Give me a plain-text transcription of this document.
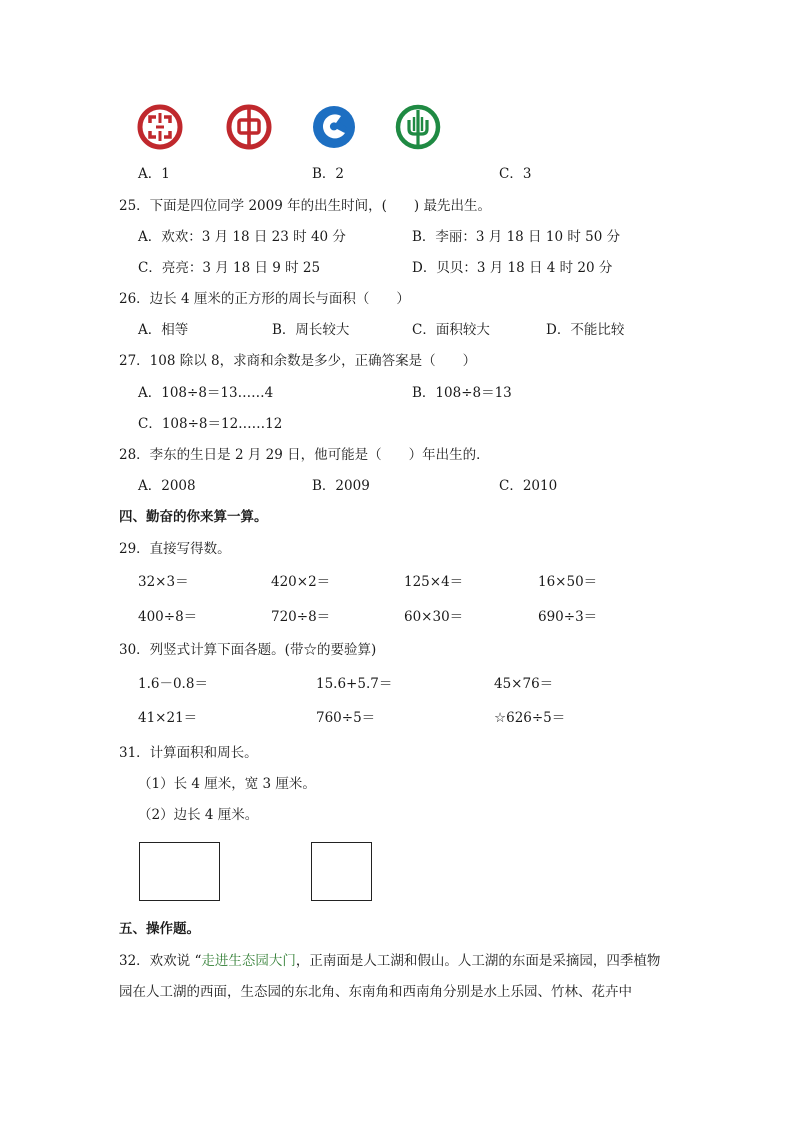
A．1	B．2	C．3
25．下面是四位同学 2009 年的出生时间，(　　) 最先出生。
A．欢欢：3 月 18 日 23 时 40 分	B．李丽：3 月 18 日 10 时 50 分
C．亮亮：3 月 18 日 9 时 25	D．贝贝：3 月 18 日 4 时 20 分
26．边长 4 厘米的正方形的周长与面积（　　）
A．相等	B．周长较大	C．面积较大	D．不能比较
27．108 除以 8，求商和余数是多少，正确答案是（　　）
A．108÷8＝13……4	B．108÷8＝13
C．108÷8＝12……12
28．李东的生日是 2 月 29 日，他可能是（　　）年出生的．
A．2008	B．2009	C．2010
四、勤奋的你来算一算。
29．直接写得数。
32×3＝	420×2＝	125×4＝	16×50＝
400÷8＝	720÷8＝	60×30＝	690÷3＝
30．列竖式计算下面各题。(带☆的要验算)
1.6－0.8＝	15.6+5.7＝	45×76＝
41×21＝	760÷5＝	☆626÷5＝
31．计算面积和周长。
（1）长 4 厘米，宽 3 厘米。
（2）边长 4 厘米。
五、操作题。
32．欢欢说 “走进生态园大门，正南面是人工湖和假山。人工湖的东面是采摘园，四季植物
园在人工湖的西面，生态园的东北角、东南角和西南角分别是水上乐园、竹林、花卉中
